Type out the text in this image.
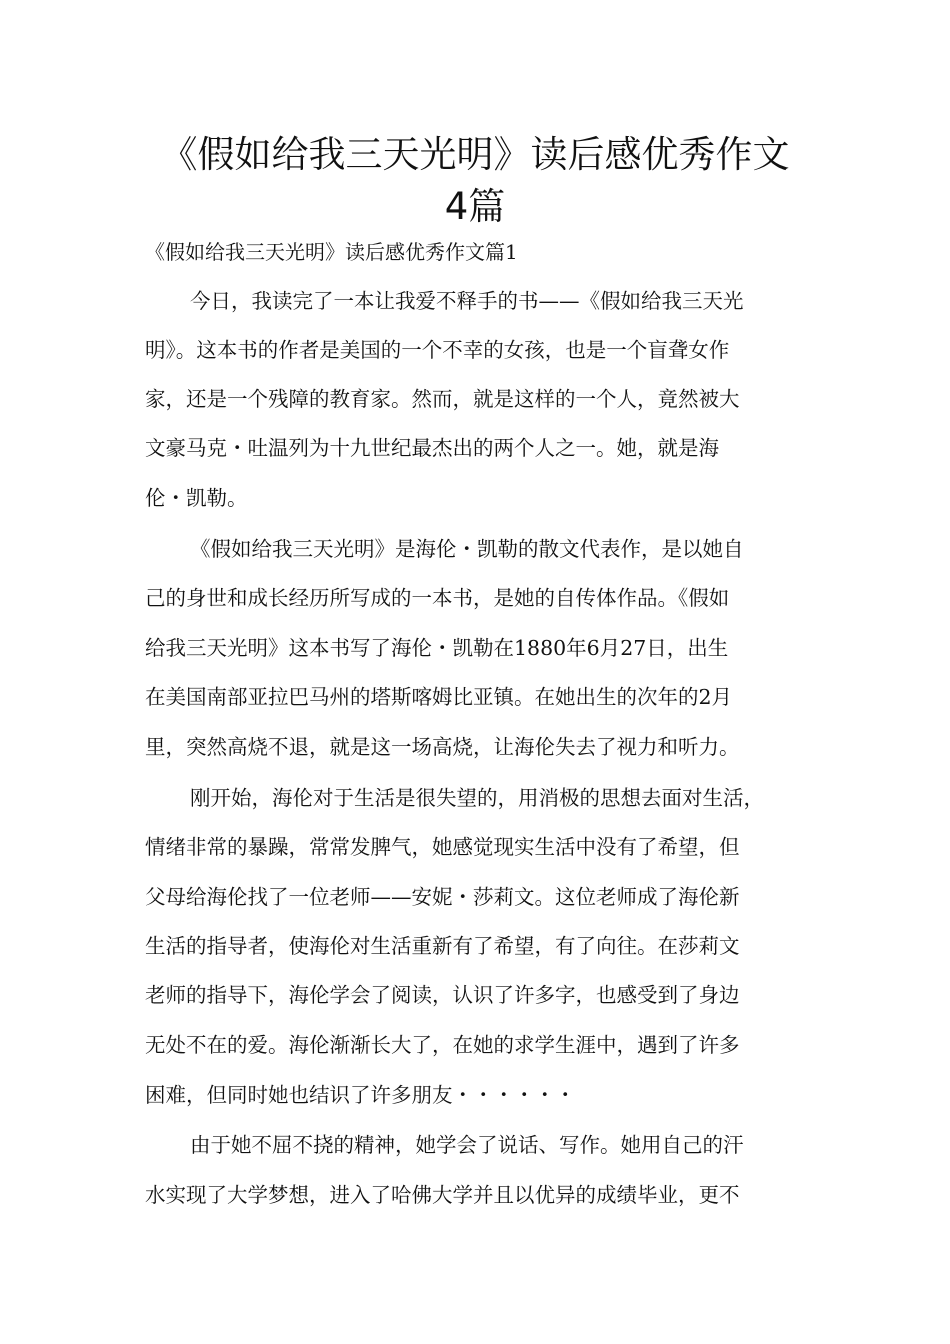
《假如给我三天光明》读后感优秀作文
4篇
《假如给我三天光明》读后感优秀作文篇1
今日，我读完了一本让我爱不释手的书——《假如给我三天光
明》。这本书的作者是美国的一个不幸的女孩，也是一个盲聋女作
家，还是一个残障的教育家。然而，就是这样的一个人，竟然被大
文豪马克・吐温列为十九世纪最杰出的两个人之一。她，就是海
伦・凯勒。
《假如给我三天光明》是海伦・凯勒的散文代表作，是以她自
己的身世和成长经历所写成的一本书，是她的自传体作品。《假如
给我三天光明》这本书写了海伦・凯勒在1880年6月27日，出生
在美国南部亚拉巴马州的塔斯喀姆比亚镇。在她出生的次年的2月
里，突然高烧不退，就是这一场高烧，让海伦失去了视力和听力。
刚开始，海伦对于生活是很失望的，用消极的思想去面对生活，
情绪非常的暴躁，常常发脾气，她感觉现实生活中没有了希望，但
父母给海伦找了一位老师——安妮・莎莉文。这位老师成了海伦新
生活的指导者，使海伦对生活重新有了希望，有了向往。在莎莉文
老师的指导下，海伦学会了阅读，认识了许多字，也感受到了身边
无处不在的爱。海伦渐渐长大了，在她的求学生涯中，遇到了许多
困难，但同时她也结识了许多朋友・・・・・・
由于她不屈不挠的精神，她学会了说话、写作。她用自己的汗
水实现了大学梦想，进入了哈佛大学并且以优异的成绩毕业，更不
